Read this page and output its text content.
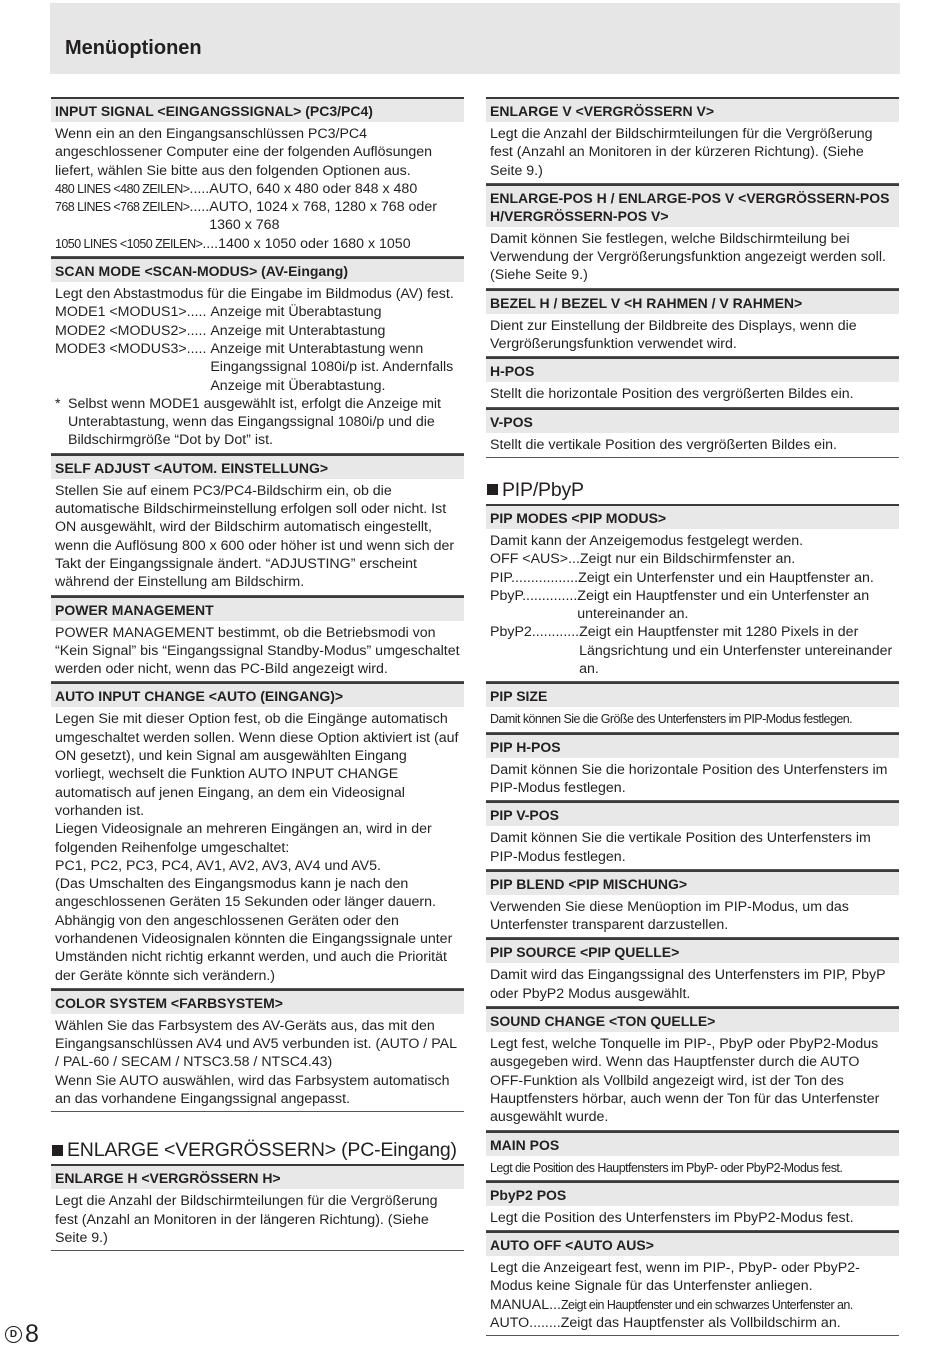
Menüoptionen
INPUT SIGNAL <EINGANGSSIGNAL> (PC3/PC4)
Wenn ein an den Eingangsanschlüssen PC3/PC4 angeschlossener Computer eine der folgenden Auflösungen liefert, wählen Sie bitte aus den folgenden Optionen aus.
480 LINES <480 ZEILEN>..... AUTO, 640 x 480 oder 848 x 480
768 LINES <768 ZEILEN>..... AUTO, 1024 x 768, 1280 x 768 oder 1360 x 768
1050 LINES <1050 ZEILEN>.... 1400 x 1050 oder 1680 x 1050
SCAN MODE <SCAN-MODUS> (AV-Eingang)
Legt den Abstastmodus für die Eingabe im Bildmodus (AV) fest.
MODE1 <MODUS1>..... Anzeige mit Überabtastung
MODE2 <MODUS2>..... Anzeige mit Unterabtastung
MODE3 <MODUS3>..... Anzeige mit Unterabtastung wenn Eingangssignal 1080i/p ist. Andernfalls Anzeige mit Überabtastung.
* Selbst wenn MODE1 ausgewählt ist, erfolgt die Anzeige mit Unterabtastung, wenn das Eingangssignal 1080i/p und die Bildschirmgröße “Dot by Dot” ist.
SELF ADJUST <AUTOM. EINSTELLUNG>
Stellen Sie auf einem PC3/PC4-Bildschirm ein, ob die automatische Bildschirmeinstellung erfolgen soll oder nicht. Ist ON ausgewählt, wird der Bildschirm automatisch eingestellt, wenn die Auflösung 800 x 600 oder höher ist und wenn sich der Takt der Eingangssignale ändert. “ADJUSTING” erscheint während der Einstellung am Bildschirm.
POWER MANAGEMENT
POWER MANAGEMENT bestimmt, ob die Betriebsmodi von “Kein Signal” bis “Eingangssignal Standby-Modus” umgeschaltet werden oder nicht, wenn das PC-Bild angezeigt wird.
AUTO INPUT CHANGE <AUTO (EINGANG)>
Legen Sie mit dieser Option fest, ob die Eingänge automatisch umgeschaltet werden sollen. Wenn diese Option aktiviert ist (auf ON gesetzt), und kein Signal am ausgewählten Eingang vorliegt, wechselt die Funktion AUTO INPUT CHANGE automatisch auf jenen Eingang, an dem ein Videosignal vorhanden ist.
Liegen Videosignale an mehreren Eingängen an, wird in der folgenden Reihenfolge umgeschaltet:
PC1, PC2, PC3, PC4, AV1, AV2, AV3, AV4 und AV5.
(Das Umschalten des Eingangsmodus kann je nach den angeschlossenen Geräten 15 Sekunden oder länger dauern. Abhängig von den angeschlossenen Geräten oder den vorhandenen Videosignalen könnten die Eingangssignale unter Umständen nicht richtig erkannt werden, und auch die Priorität der Geräte könnte sich verändern.)
COLOR SYSTEM <FARBSYSTEM>
Wählen Sie das Farbsystem des AV-Geräts aus, das mit den Eingangsanschlüssen AV4 und AV5 verbunden ist. (AUTO / PAL / PAL-60 / SECAM / NTSC3.58 / NTSC4.43)
Wenn Sie AUTO auswählen, wird das Farbsystem automatisch an das vorhandene Eingangssignal angepasst.
ENLARGE <VERGRÖSSERN> (PC-Eingang)
ENLARGE H <VERGRÖSSERN H>
Legt die Anzahl der Bildschirmteilungen für die Vergrößerung fest (Anzahl an Monitoren in der längeren Richtung). (Siehe Seite 9.)
ENLARGE V <VERGRÖSSERN V>
Legt die Anzahl der Bildschirmteilungen für die Vergrößerung fest (Anzahl an Monitoren in der kürzeren Richtung). (Siehe Seite 9.)
ENLARGE-POS H / ENLARGE-POS V <VERGRÖSSERN-POS H/VERGRÖSSERN-POS V>
Damit können Sie festlegen, welche Bildschirmteilung bei Verwendung der Vergrößerungsfunktion angezeigt werden soll. (Siehe Seite 9.)
BEZEL H / BEZEL V <H RAHMEN / V RAHMEN>
Dient zur Einstellung der Bildbreite des Displays, wenn die Vergrößerungsfunktion verwendet wird.
H-POS
Stellt die horizontale Position des vergrößerten Bildes ein.
V-POS
Stellt die vertikale Position des vergrößerten Bildes ein.
PIP/PbyP
PIP MODES <PIP MODUS>
Damit kann der Anzeigemodus festgelegt werden.
OFF <AUS>... Zeigt nur ein Bildschirmfenster an.
PIP................. Zeigt ein Unterfenster und ein Hauptfenster an.
PbyP.............. Zeigt ein Hauptfenster und ein Unterfenster an untereinander an.
PbyP2............ Zeigt ein Hauptfenster mit 1280 Pixels in der Längsrichtung und ein Unterfenster untereinander an.
PIP SIZE
Damit können Sie die Größe des Unterfensters im PIP-Modus festlegen.
PIP H-POS
Damit können Sie die horizontale Position des Unterfensters im PIP-Modus festlegen.
PIP V-POS
Damit können Sie die vertikale Position des Unterfensters im PIP-Modus festlegen.
PIP BLEND <PIP MISCHUNG>
Verwenden Sie diese Menüoption im PIP-Modus, um das Unterfenster transparent darzustellen.
PIP SOURCE <PIP QUELLE>
Damit wird das Eingangssignal des Unterfensters im PIP, PbyP oder PbyP2 Modus ausgewählt.
SOUND CHANGE <TON QUELLE>
Legt fest, welche Tonquelle im PIP-, PbyP oder PbyP2-Modus ausgegeben wird. Wenn das Hauptfenster durch die AUTO OFF-Funktion als Vollbild angezeigt wird, ist der Ton des Hauptfensters hörbar, auch wenn der Ton für das Unterfenster ausgewählt wurde.
MAIN POS
Legt die Position des Hauptfensters im PbyP- oder PbyP2-Modus fest.
PbyP2 POS
Legt die Position des Unterfensters im PbyP2-Modus fest.
AUTO OFF <AUTO AUS>
Legt die Anzeigeart fest, wenn im PIP-, PbyP- oder PbyP2-Modus keine Signale für das Unterfenster anliegen.
MANUAL... Zeigt ein Hauptfenster und ein schwarzes Unterfenster an.
AUTO........ Zeigt das Hauptfenster als Vollbildschirm an.
D 8
